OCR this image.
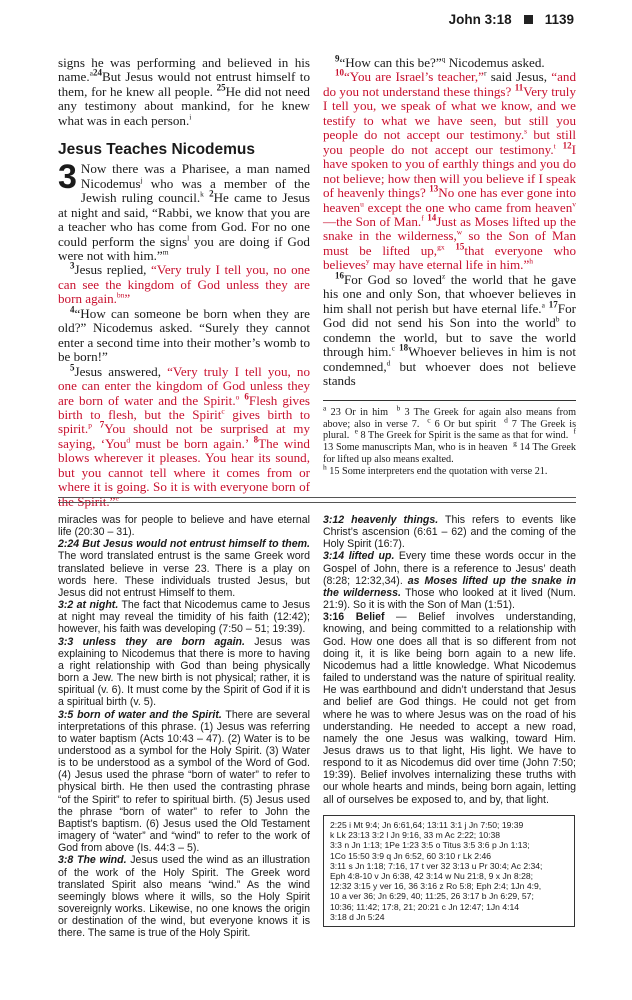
John 3:18 1139

signs he was performing and believed in his name.$^{a24}$But Jesus would not entrust himself to them, for he knew all people. $^{25}$He did not need any testimony about mankind, for he knew what was in each person.$^i$

Jesus Teaches Nicodemus

3 Now there was a Pharisee, a man named Nicodemus$^j$ who was a member of the Jewish ruling council.$^k$ $^2$He came to Jesus at night and said, “Rabbi, we know that you are a teacher who has come from God. For no one could perform the signs$^l$ you are doing if God were not with him.”$^m$

$^3$Jesus replied, “Very truly I tell you, no one can see the kingdom of God unless they are born again.$^{bn}$”

$^4$“How can someone be born when they are old?” Nicodemus asked. “Surely they cannot enter a second time into their mother’s womb to be born!”

$^5$Jesus answered, “Very truly I tell you, no one can enter the kingdom of God unless they are born of water and the Spirit.$^o$ $^6$Flesh gives birth to flesh, but the Spirit$^c$ gives birth to spirit.$^p$ $^7$You should not be surprised at my saying, ‘You$^d$ must be born again.’ $^8$The wind blows wherever it pleases. You hear its sound, but you cannot tell where it comes from or where it is going. So it is with everyone born of the Spirit.”$^e$

$^9$“How can this be?”$^q$ Nicodemus asked.

$^{10}$“You are Israel’s teacher,”$^r$ said Jesus, “and do you not understand these things? $^{11}$Very truly I tell you, we speak of what we know, and we testify to what we have seen, but still you people do not accept our testimony.$^s$ but still you people do not accept our testimony.$^t$ $^{12}$I have spoken to you of earthly things and you do not believe; how then will you believe if I speak of heavenly things? $^{13}$No one has ever gone into heaven$^u$ except the one who came from heaven$^v$—the Son of Man.$^f$ $^{14}$Just as Moses lifted up the snake in the wilderness,$^w$ so the Son of Man must be lifted up,$^{gx}$ $^{15}$that everyone who believes$^y$ may have eternal life in him.”$^h$

$^{16}$For God so loved$^z$ the world that he gave his one and only Son, that whoever believes in him shall not perish but have eternal life.$^a$ $^{17}$For God did not send his Son into the world$^b$ to condemn the world, but to save the world through him.$^c$ $^{18}$Whoever believes in him is not condemned,$^d$ but whoever does not believe stands

$^a$ 23 Or in him $^b$ 3 The Greek for again also means from above; also in verse 7. $^c$ 6 Or but spirit $^d$ 7 The Greek is plural. $^e$ 8 The Greek for Spirit is the same as that for wind. $^f$ 13 Some manuscripts Man, who is in heaven $^g$ 14 The Greek for lifted up also means exalted.
$^h$ 15 Some interpreters end the quotation with verse 21.

miracles was for people to believe and have eternal life (20:30 – 31).

2:24 But Jesus would not entrust himself to them. The word translated entrust is the same Greek word translated believe in verse 23. There is a play on words here. These individuals trusted Jesus, but Jesus did not entrust Himself to them.

3:2 at night. The fact that Nicodemus came to Jesus at night may reveal the timidity of his faith (12:42); however, his faith was developing (7:50 – 51; 19:39).

3:3 unless they are born again. Jesus was explaining to Nicodemus that there is more to having a right relationship with God than being physically born a Jew. The new birth is not physical; rather, it is spiritual (v. 6). It must come by the Spirit of God if it is a spiritual birth (v. 5).

3:5 born of water and the Spirit. There are several interpretations of this phrase. (1) Jesus was referring to water baptism (Acts 10:43 – 47). (2) Water is to be understood as a symbol for the Holy Spirit. (3) Water is to be understood as a symbol of the Word of God. (4) Jesus used the phrase “born of water” to refer to physical birth. He then used the contrasting phrase “of the Spirit” to refer to spiritual birth. (5) Jesus used the phrase “born of water” to refer to John the Baptist’s baptism. (6) Jesus used the Old Testament imagery of “water” and “wind” to refer to the work of God from above (Is. 44:3 – 5).

3:8 The wind. Jesus used the wind as an illustration of the work of the Holy Spirit. The Greek word translated Spirit also means “wind.” As the wind seemingly blows where it wills, so the Holy Spirit sovereignly works. Likewise, no one knows the origin or destination of the wind, but everyone knows it is there. The same is true of the Holy Spirit.

3:12 heavenly things. This refers to events like Christ’s ascension (6:61 – 62) and the coming of the Holy Spirit (16:7).

3:14 lifted up. Every time these words occur in the Gospel of John, there is a reference to Jesus’ death (8:28; 12:32,34). as Moses lifted up the snake in the wilderness. Those who looked at it lived (Num. 21:9). So it is with the Son of Man (1:51).

3:16 Belief — Belief involves understanding, knowing, and being committed to a relationship with God. How one does all that is so different from not doing it, it is like being born again to a new life. Nicodemus had a little knowledge. What Nicodemus failed to understand was the nature of spiritual reality. He was earthbound and didn’t understand that Jesus and belief are God things. He could not get from where he was to where Jesus was on the road of his understanding. He needed to accept a new road, namely the one Jesus was walking, toward Him. Jesus draws us to that light, His light. We have to respond to it as Nicodemus did over time (John 7:50; 19:39). Belief involves internalizing these truths with our whole hearts and minds, being born again, letting all of ourselves be exposed to, and by, that light.

2:25 i Mt 9:4; Jn 6:61,64; 13:11 3:1 j Jn 7:50; 19:39
k Lk 23:13 3:2 l Jn 9:16, 33 m Ac 2:22; 10:38
3:3 n Jn 1:13; 1Pe 1:23 3:5 o Titus 3:5 3:6 p Jn 1:13;
1Co 15:50 3:9 q Jn 6:52, 60 3:10 r Lk 2:46
3:11 s Jn 1:18; 7:16, 17 t ver 32 3:13 u Pr 30:4; Ac 2:34;
Eph 4:8-10 v Jn 6:38, 42 3:14 w Nu 21:8, 9 x Jn 8:28;
12:32 3:15 y ver 16, 36 3:16 z Ro 5:8; Eph 2:4; 1Jn 4:9,
10 a ver 36; Jn 6:29, 40; 11:25, 26 3:17 b Jn 6:29, 57;
10:36; 11:42; 17:8, 21; 20:21 c Jn 12:47; 1Jn 4:14
3:18 d Jn 5:24
